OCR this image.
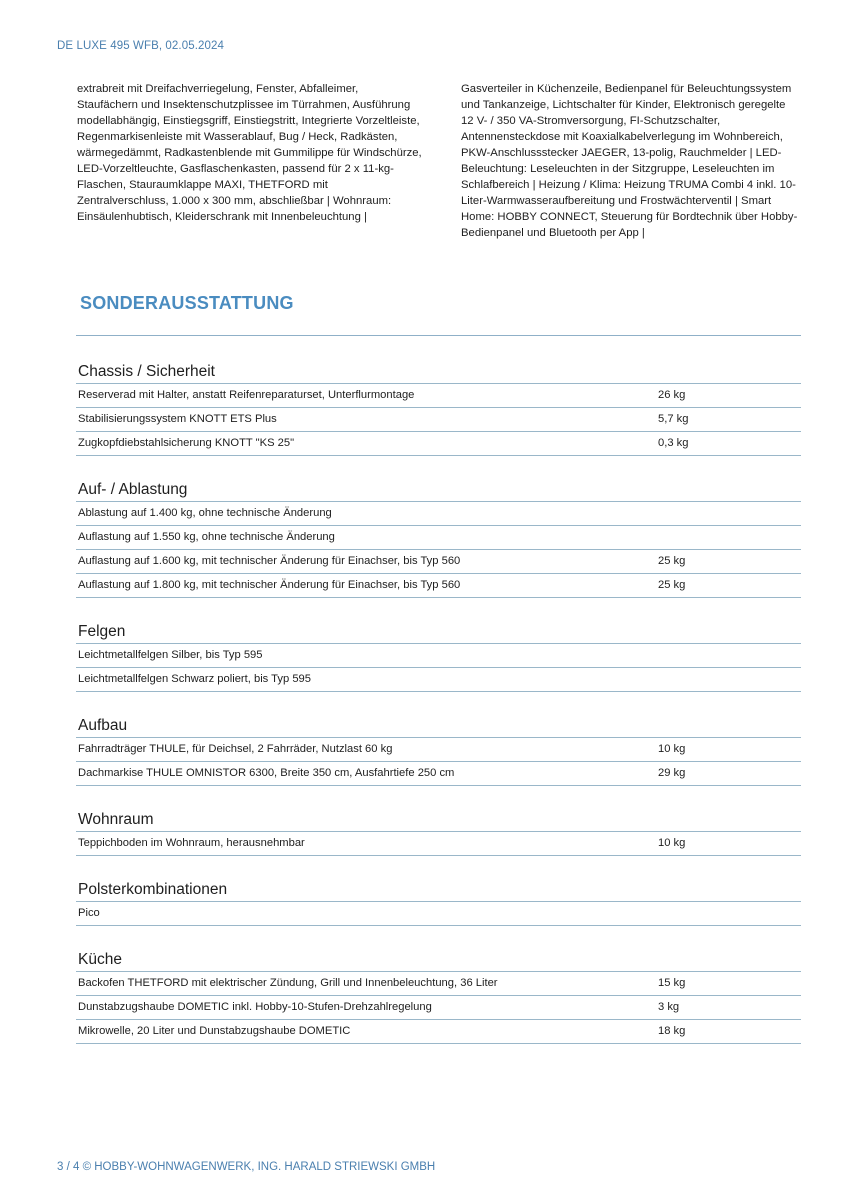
DE LUXE 495 WFB, 02.05.2024
extrabreit mit Dreifachverriegelung, Fenster, Abfalleimer, Staufächern und Insektenschutzplissee im Türrahmen, Ausführung modellabhängig, Einstiegsgriff, Einstiegstritt, Integrierte Vorzeltleiste, Regenmarkisenleiste mit Wasserablauf, Bug / Heck, Radkästen, wärmegedämmt, Radkastenblende mit Gummilippe für Windschürze, LED-Vorzeltleuchte, Gasflaschenkasten, passend für 2 x 11-kg-Flaschen, Stauraumklappe MAXI, THETFORD mit Zentralverschluss, 1.000 x 300 mm, abschließbar | Wohnraum: Einsäulenhubtisch, Kleiderschrank mit Innenbeleuchtung |
Gasverteiler in Küchenzeile, Bedienpanel für Beleuchtungssystem und Tankanzeige, Lichtschalter für Kinder, Elektronisch geregelte 12 V- / 350 VA-Stromversorgung, FI-Schutzschalter, Antennensteckdose mit Koaxialkabelverlegung im Wohnbereich, PKW-Anschlussstecker JAEGER, 13-polig, Rauchmelder | LED-Beleuchtung: Leseleuchten in der Sitzgruppe, Leseleuchten im Schlafbereich | Heizung / Klima: Heizung TRUMA Combi 4 inkl. 10-Liter-Warmwasseraufbereitung und Frostwächterventil | Smart Home: HOBBY CONNECT, Steuerung für Bordtechnik über Hobby-Bedienpanel und Bluetooth per App |
SONDERAUSSTATTUNG
Chassis / Sicherheit
Reserverad mit Halter, anstatt Reifenreparaturset, Unterflurmontage	26 kg
Stabilisierungssystem KNOTT ETS Plus	5,7 kg
Zugkopfdiebstahlsicherung KNOTT "KS 25"	0,3 kg
Auf- / Ablastung
Ablastung auf 1.400 kg, ohne technische Änderung
Auflastung auf 1.550 kg, ohne technische Änderung
Auflastung auf 1.600 kg, mit technischer Änderung für Einachser, bis Typ 560	25 kg
Auflastung auf 1.800 kg, mit technischer Änderung für Einachser, bis Typ 560	25 kg
Felgen
Leichtmetallfelgen Silber, bis Typ 595
Leichtmetallfelgen Schwarz poliert, bis Typ 595
Aufbau
Fahrradträger THULE, für Deichsel, 2 Fahrräder, Nutzlast 60 kg	10 kg
Dachmarkise THULE OMNISTOR 6300, Breite 350 cm, Ausfahrtiefe 250 cm	29 kg
Wohnraum
Teppichboden im Wohnraum, herausnehmbar	10 kg
Polsterkombinationen
Pico
Küche
Backofen THETFORD mit elektrischer Zündung, Grill und Innenbeleuchtung, 36 Liter	15 kg
Dunstabzugshaube DOMETIC inkl. Hobby-10-Stufen-Drehzahlregelung	3 kg
Mikrowelle, 20 Liter und Dunstabzugshaube DOMETIC	18 kg
3 / 4 © HOBBY-WOHNWAGENWERK, ING. HARALD STRIEWSKI GMBH
